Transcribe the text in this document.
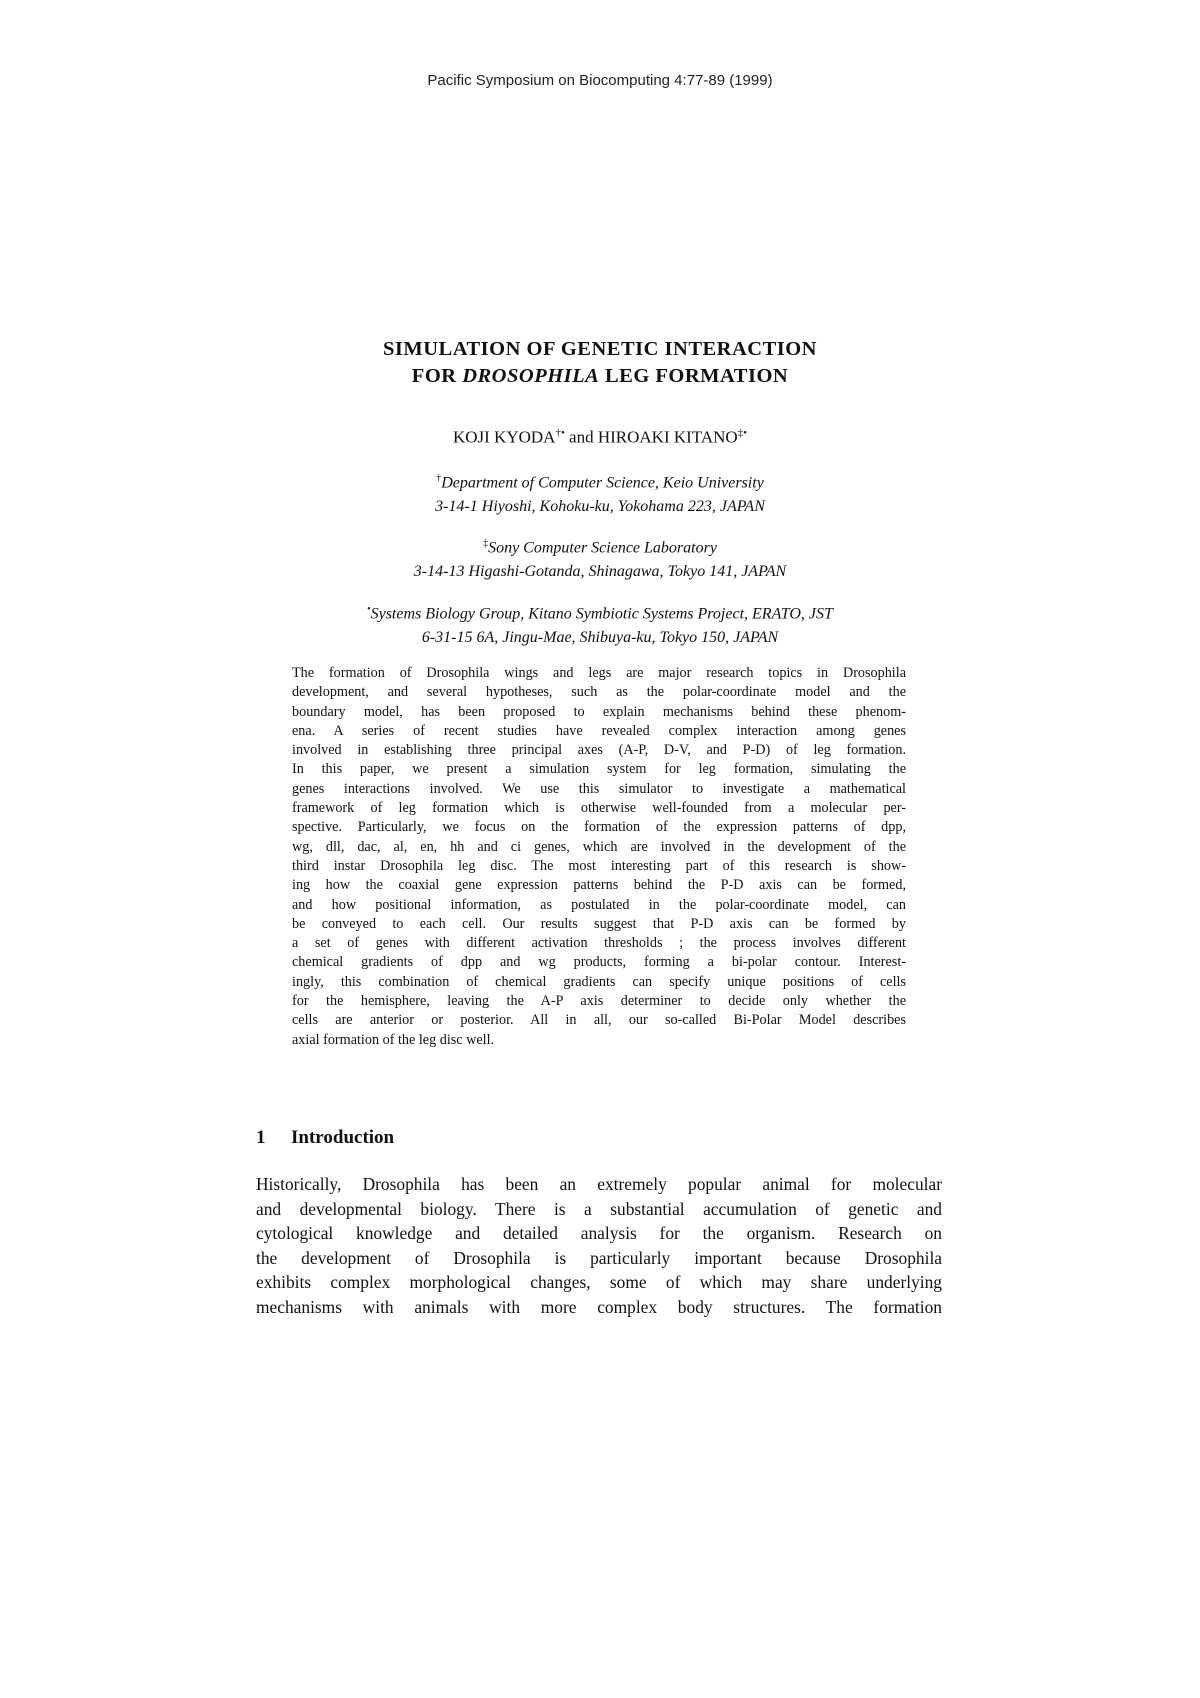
Pacific Symposium on Biocomputing 4:77-89 (1999)
SIMULATION OF GENETIC INTERACTION
FOR DROSOPHILA LEG FORMATION
KOJI KYODA†• and HIROAKI KITANO‡•
†Department of Computer Science, Keio University
3-14-1 Hiyoshi, Kohoku-ku, Yokohama 223, JAPAN
‡Sony Computer Science Laboratory
3-14-13 Higashi-Gotanda, Shinagawa, Tokyo 141, JAPAN
•Systems Biology Group, Kitano Symbiotic Systems Project, ERATO, JST
6-31-15 6A, Jingu-Mae, Shibuya-ku, Tokyo 150, JAPAN
The formation of Drosophila wings and legs are major research topics in Drosophila
development, and several hypotheses, such as the polar-coordinate model and the
boundary model, has been proposed to explain mechanisms behind these phenom-
ena. A series of recent studies have revealed complex interaction among genes
involved in establishing three principal axes (A-P, D-V, and P-D) of leg formation.
In this paper, we present a simulation system for leg formation, simulating the
genes interactions involved. We use this simulator to investigate a mathematical
framework of leg formation which is otherwise well-founded from a molecular per-
spective. Particularly, we focus on the formation of the expression patterns of dpp,
wg, dll, dac, al, en, hh and ci genes, which are involved in the development of the
third instar Drosophila leg disc. The most interesting part of this research is show-
ing how the coaxial gene expression patterns behind the P-D axis can be formed,
and how positional information, as postulated in the polar-coordinate model, can
be conveyed to each cell. Our results suggest that P-D axis can be formed by
a set of genes with different activation thresholds ; the process involves different
chemical gradients of dpp and wg products, forming a bi-polar contour. Interest-
ingly, this combination of chemical gradients can specify unique positions of cells
for the hemisphere, leaving the A-P axis determiner to decide only whether the
cells are anterior or posterior. All in all, our so-called Bi-Polar Model describes
axial formation of the leg disc well.
1 Introduction
Historically, Drosophila has been an extremely popular animal for molecular
and developmental biology. There is a substantial accumulation of genetic and
cytological knowledge and detailed analysis for the organism. Research on
the development of Drosophila is particularly important because Drosophila
exhibits complex morphological changes, some of which may share underlying
mechanisms with animals with more complex body structures. The formation
